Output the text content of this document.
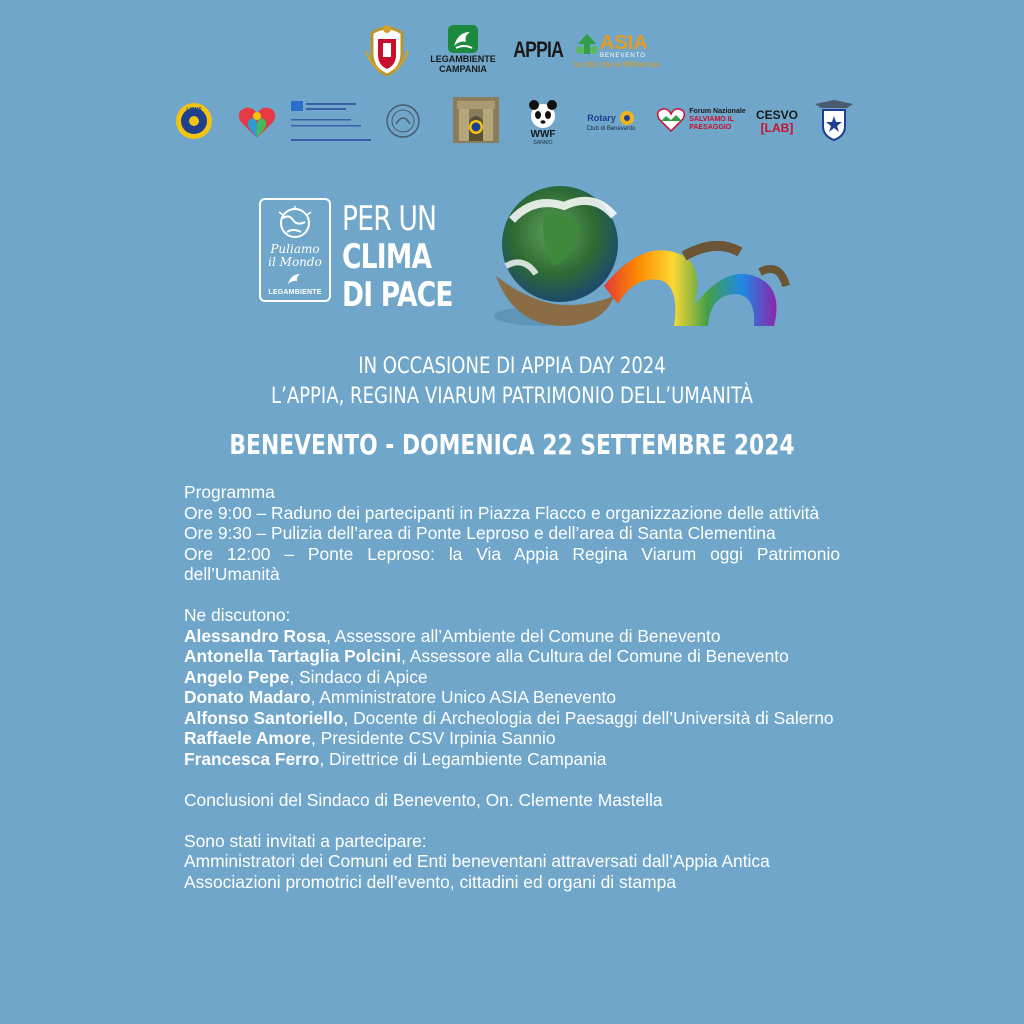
LEGAMBIENTE
CAMPANIA
APPIA ASIA
BENEVENTO
la città che si differenzia
LIONS
WWF
SANNIO
Rotary
Club di Benevento
Forum Nazionale
SALVIAMO IL
PAESAGGIO
CESVO
[LAB]
Puliamo
il Mondo
LEGAMBIENTE
PER UN
CLIMA
DI PACE
IN OCCASIONE DI APPIA DAY 2024
L’APPIA, REGINA VIARUM PATRIMONIO DELL’UMANITÀ
BENEVENTO - DOMENICA 22 SETTEMBRE 2024

Programma

Ore 9:00 – Raduno dei partecipanti in Piazza Flacco e organizzazione delle attività

Ore 9:30 – Pulizia dell’area di Ponte Leproso e dell’area di Santa Clementina

Ore 12:00 – Ponte Leproso: la Via Appia Regina Viarum oggi Patrimonio dell’Umanità

Ne discutono:

Alessandro Rosa, Assessore all’Ambiente del Comune di Benevento

Antonella Tartaglia Polcini, Assessore alla Cultura del Comune di Benevento

Angelo Pepe, Sindaco di Apice

Donato Madaro, Amministratore Unico ASIA Benevento

Alfonso Santoriello, Docente di Archeologia dei Paesaggi dell’Università di Salerno

Raffaele Amore, Presidente CSV Irpinia Sannio

Francesca Ferro, Direttrice di Legambiente Campania

Conclusioni del Sindaco di Benevento, On. Clemente Mastella

Sono stati invitati a partecipare:

Amministratori dei Comuni ed Enti beneventani attraversati dall’Appia Antica

Associazioni promotrici dell’evento, cittadini ed organi di stampa
